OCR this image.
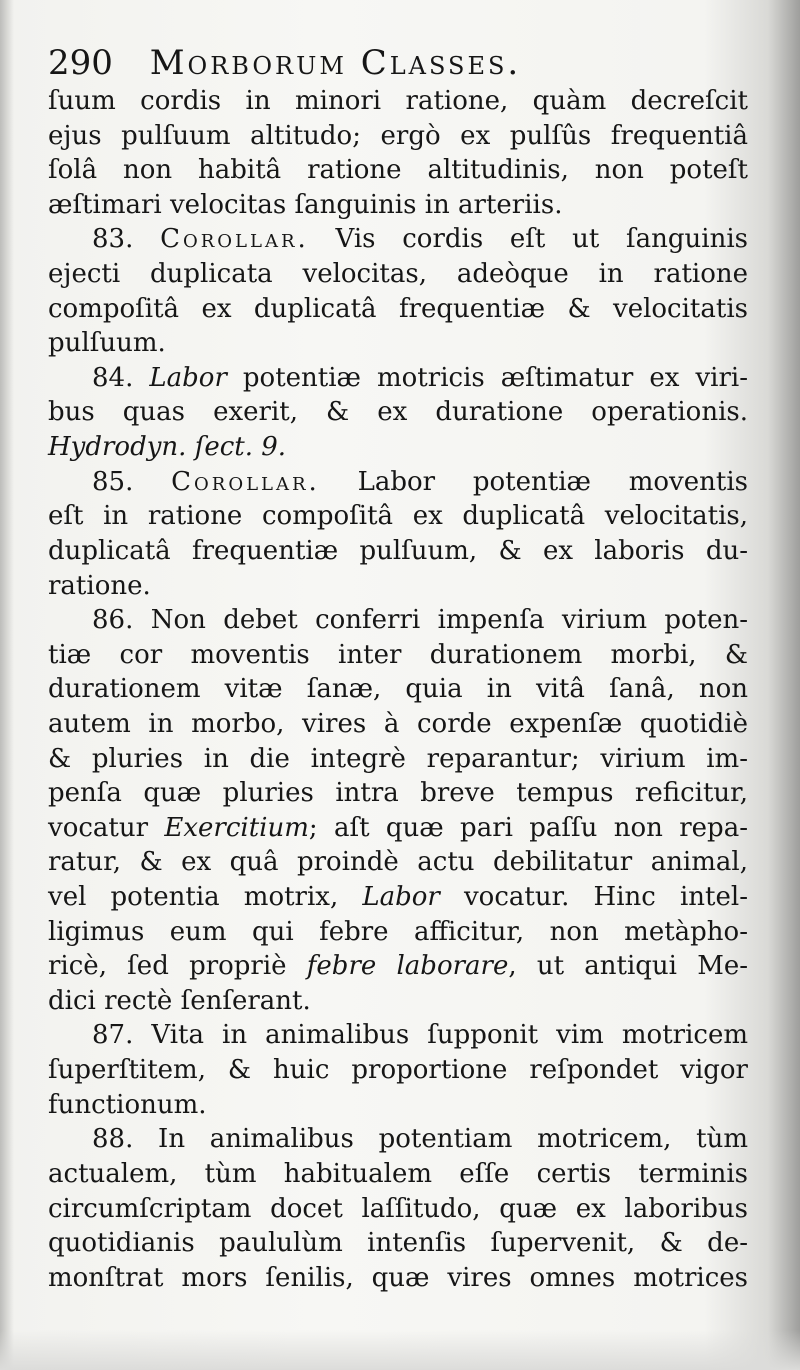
290 Morborum Classes.
ſuum cordis in minori ratione, quàm decreſcit
ejus pulſuum altitudo; ergò ex pulſûs frequentiâ
ſolâ non habitâ ratione altitudinis, non poteſt
æſtimari velocitas ſanguinis in arteriis.
83. Corollar. Vis cordis eſt ut ſanguinis
ejecti duplicata velocitas, adeòque in ratione
compoſitâ ex duplicatâ frequentiæ & velocitatis
pulſuum.
84. Labor potentiæ motricis æſtimatur ex viri-
bus quas exerit, & ex duratione operationis.
Hydrodyn. ſect. 9.
85. Corollar. Labor potentiæ moventis
eſt in ratione compoſitâ ex duplicatâ velocitatis,
duplicatâ frequentiæ pulſuum, & ex laboris du-
ratione.
86. Non debet conferri impenſa virium poten-
tiæ cor moventis inter durationem morbi, &
durationem vitæ ſanæ, quia in vitâ ſanâ, non
autem in morbo, vires à corde expenſæ quotidiè
& pluries in die integrè reparantur; virium im-
penſa quæ pluries intra breve tempus reficitur,
vocatur Exercitium; aſt quæ pari paſſu non repa-
ratur, & ex quâ proindè actu debilitatur animal,
vel potentia motrix, Labor vocatur. Hinc intel-
ligimus eum qui febre afficitur, non metàpho-
ricè, ſed propriè febre laborare, ut antiqui Me-
dici rectè ſenſerant.
87. Vita in animalibus ſupponit vim motricem
ſuperſtitem, & huic proportione reſpondet vigor
functionum.
88. In animalibus potentiam motricem, tùm
actualem, tùm habitualem eſſe certis terminis
circumſcriptam docet laſſitudo, quæ ex laboribus
quotidianis paululùm intenſis ſupervenit, & de-
monſtrat mors ſenilis, quæ vires omnes motrices
